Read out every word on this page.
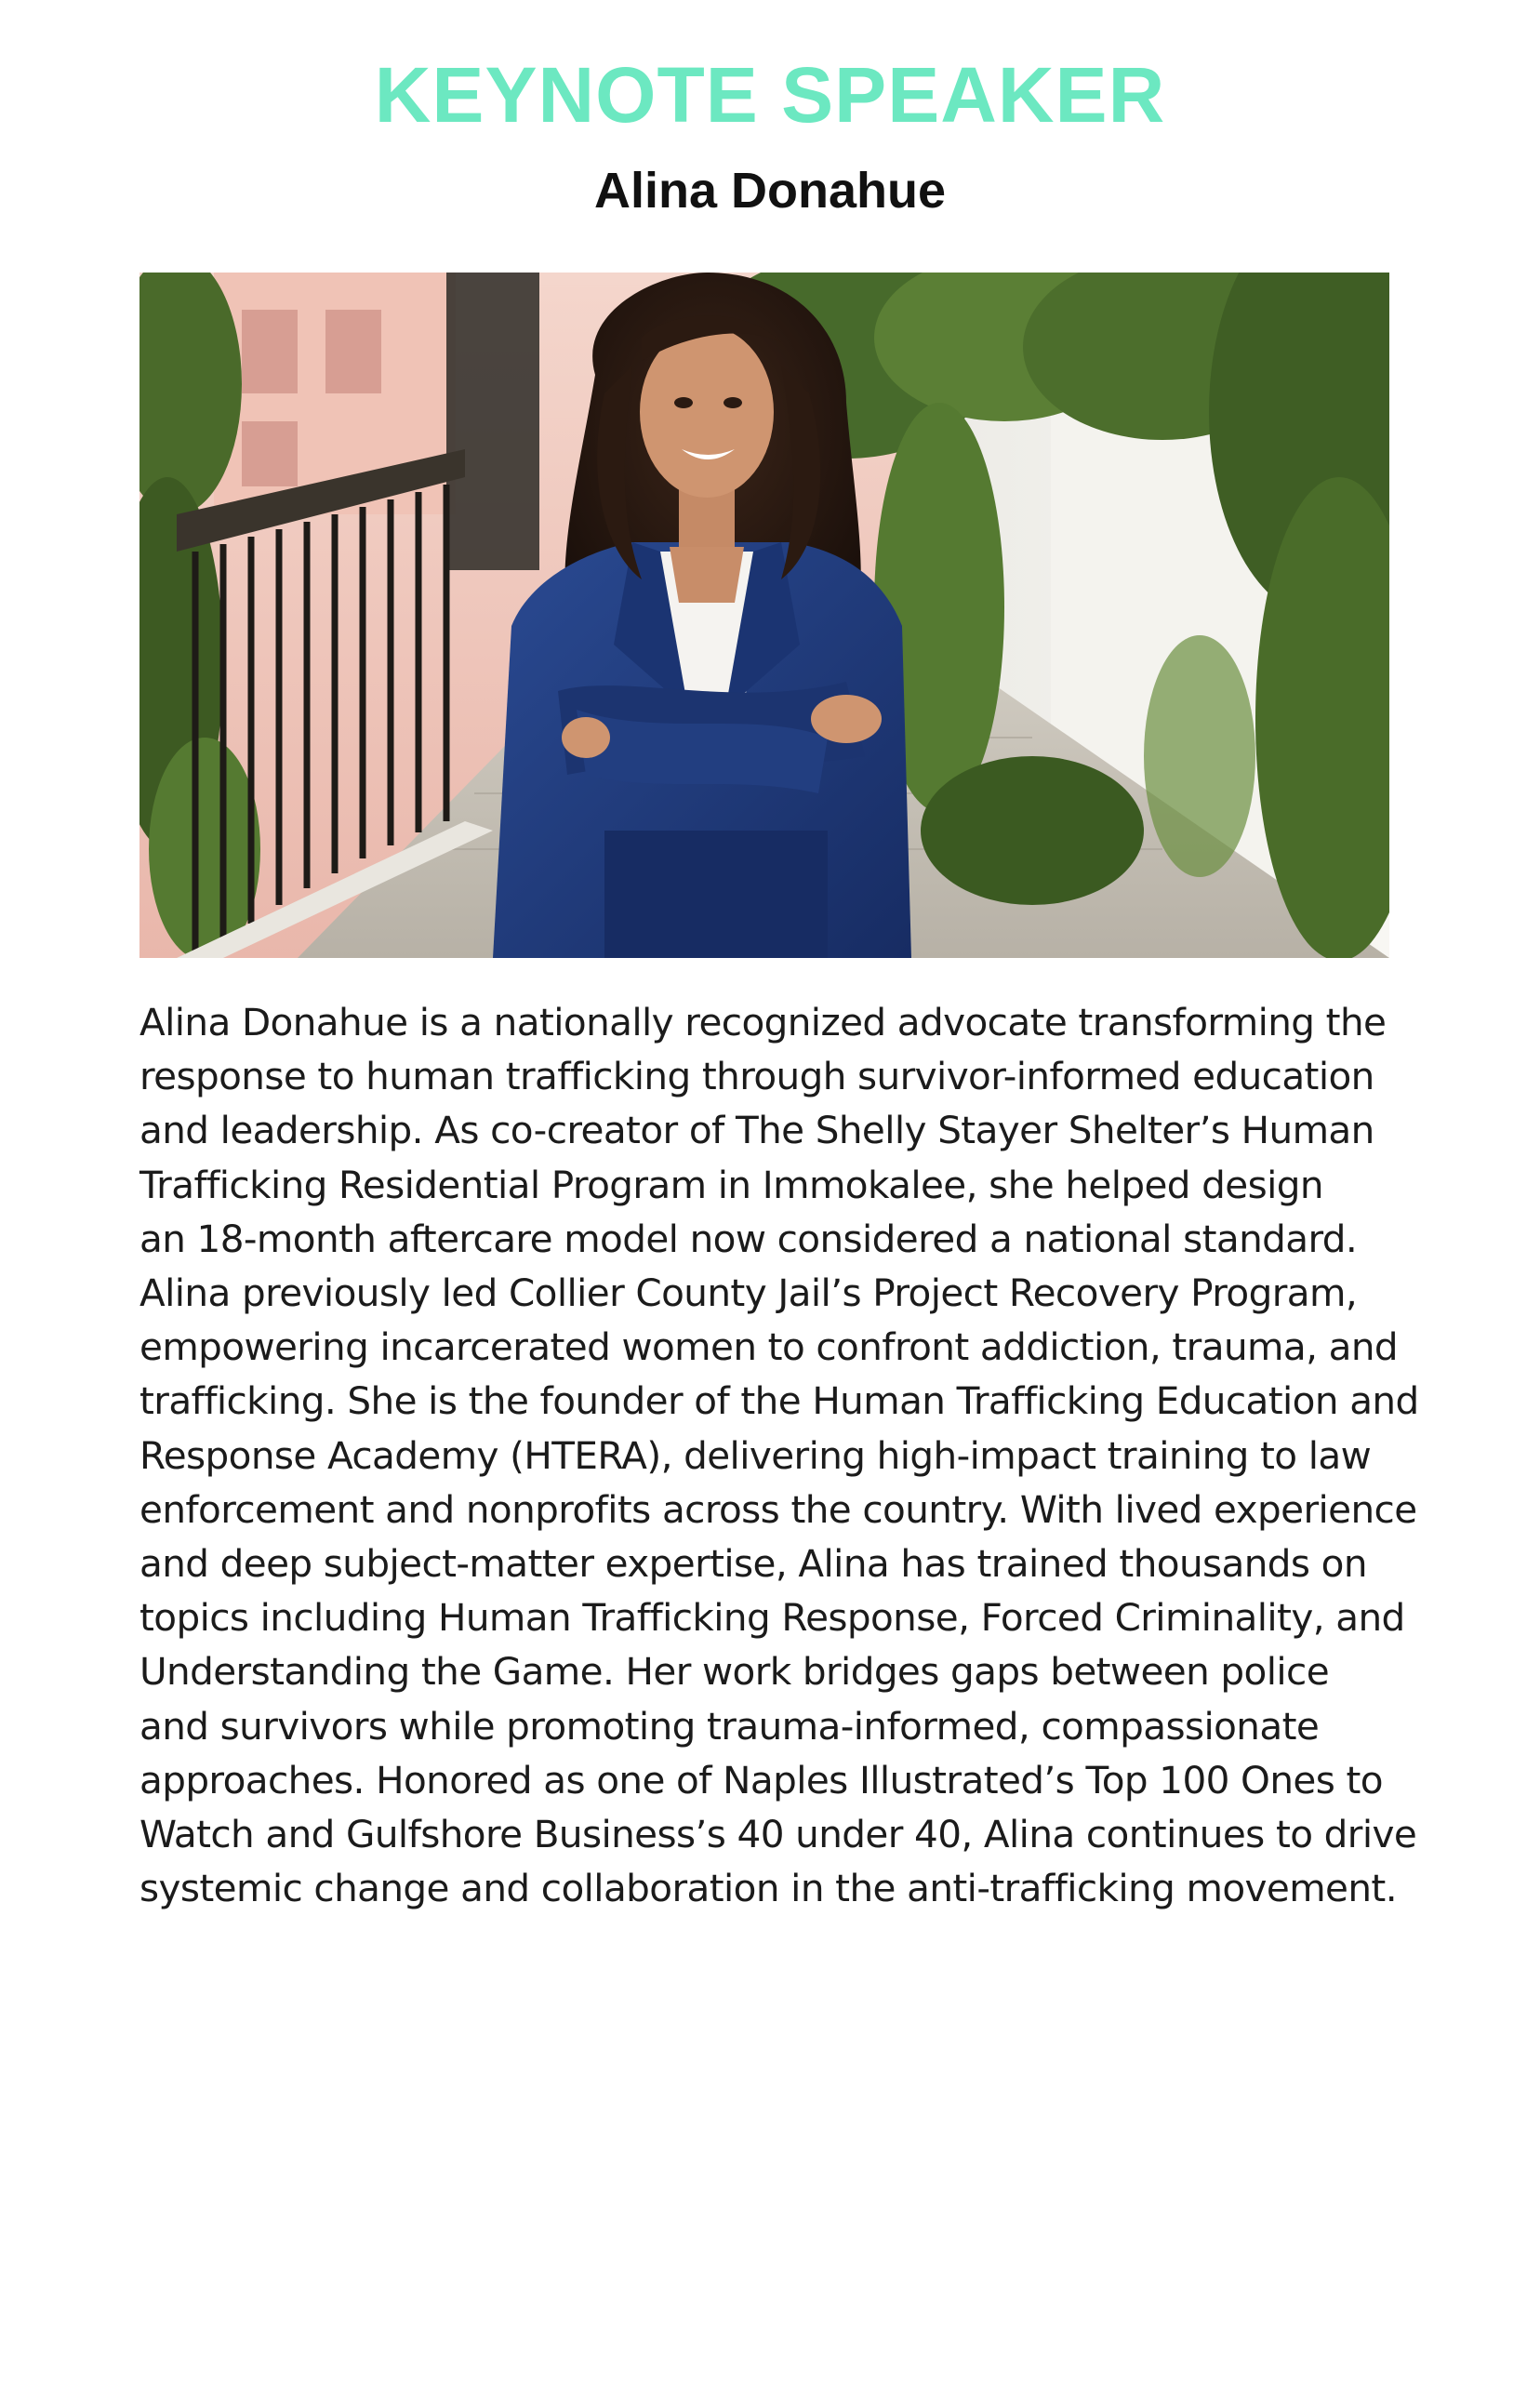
KEYNOTE SPEAKER
Alina Donahue

Alina Donahue is a nationally recognized advocate transforming the
response to human trafficking through survivor-informed education
and leadership. As co-creator of The Shelly Stayer Shelter’s Human
Trafficking Residential Program in Immokalee, she helped design
an 18-month aftercare model now considered a national standard.
Alina previously led Collier County Jail’s Project Recovery Program,
empowering incarcerated women to confront addiction, trauma, and
trafficking. She is the founder of the Human Trafficking Education and
Response Academy (HTERA), delivering high-impact training to law
enforcement and nonprofits across the country. With lived experience
and deep subject-matter expertise, Alina has trained thousands on
topics including Human Trafficking Response, Forced Criminality, and
Understanding the Game. Her work bridges gaps between police
and survivors while promoting trauma-informed, compassionate
approaches. Honored as one of Naples Illustrated’s Top 100 Ones to
Watch and Gulfshore Business’s 40 under 40, Alina continues to drive
systemic change and collaboration in the anti-trafficking movement.
